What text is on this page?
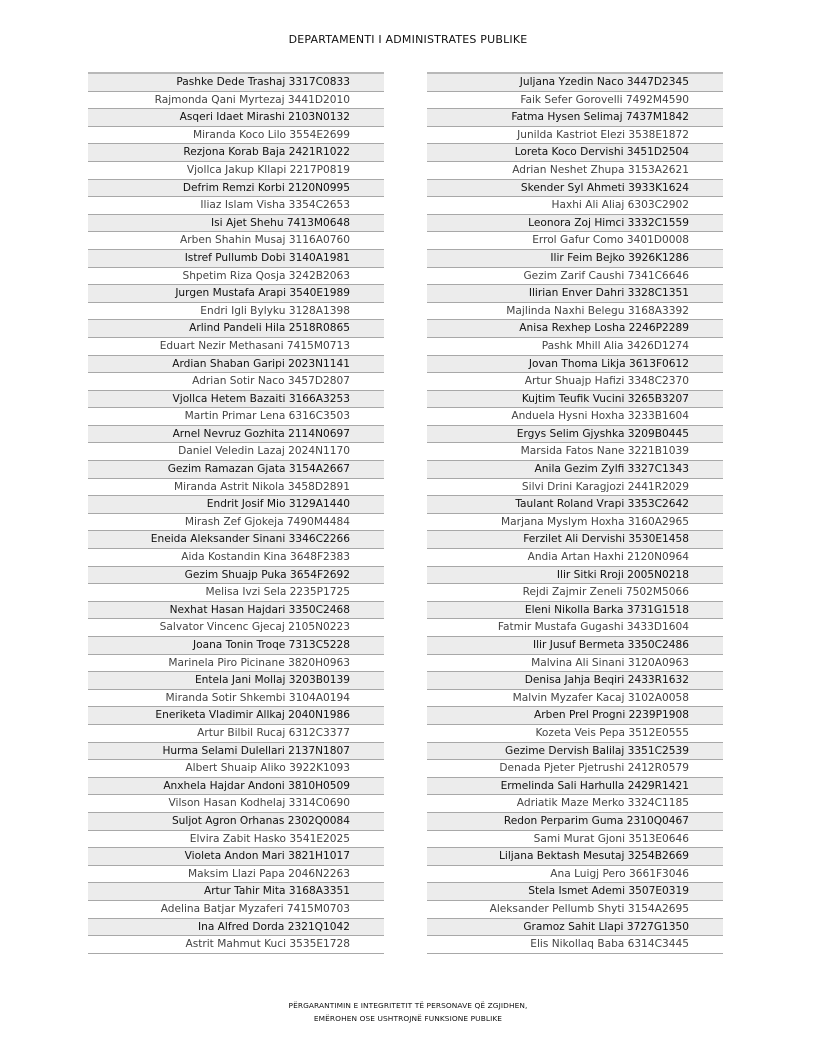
DEPARTAMENTI I ADMINISTRATES PUBLIKE
Pashke Dede Trashaj 3317C0833
Rajmonda Qani Myrtezaj 3441D2010
Asqeri Idaet Mirashi 2103N0132
Miranda Koco Lilo 3554E2699
Rezjona Korab Baja 2421R1022
Vjollca Jakup Kllapi 2217P0819
Defrim Remzi Korbi 2120N0995
Iliaz Islam Visha 3354C2653
Isi Ajet Shehu 7413M0648
Arben Shahin Musaj 3116A0760
Istref Pullumb Dobi 3140A1981
Shpetim Riza Qosja 3242B2063
Jurgen Mustafa Arapi 3540E1989
Endri Igli Bylyku 3128A1398
Arlind Pandeli Hila 2518R0865
Eduart Nezir Methasani 7415M0713
Ardian Shaban Garipi 2023N1141
Adrian Sotir Naco 3457D2807
Vjollca Hetem Bazaiti 3166A3253
Martin Primar Lena 6316C3503
Arnel Nevruz Gozhita 2114N0697
Daniel Veledin Lazaj 2024N1170
Gezim Ramazan Gjata 3154A2667
Miranda Astrit Nikola 3458D2891
Endrit Josif Mio 3129A1440
Mirash Zef Gjokeja 7490M4484
Eneida Aleksander Sinani 3346C2266
Aida Kostandin Kina 3648F2383
Gezim Shuajp Puka 3654F2692
Melisa Ivzi Sela 2235P1725
Nexhat Hasan Hajdari 3350C2468
Salvator Vincenc Gjecaj 2105N0223
Joana Tonin Troqe 7313C5228
Marinela Piro Picinane 3820H0963
Entela Jani Mollaj 3203B0139
Miranda Sotir Shkembi 3104A0194
Eneriketa Vladimir Allkaj 2040N1986
Artur Bilbil Rucaj 6312C3377
Hurma Selami Dulellari 2137N1807
Albert Shuaip Aliko 3922K1093
Anxhela Hajdar Andoni 3810H0509
Vilson Hasan Kodhelaj 3314C0690
Suljot Agron Orhanas 2302Q0084
Elvira Zabit Hasko 3541E2025
Violeta Andon Mari 3821H1017
Maksim Llazi Papa 2046N2263
Artur Tahir Mita 3168A3351
Adelina Batjar Myzaferi 7415M0703
Ina Alfred Dorda 2321Q1042
Astrit Mahmut Kuci 3535E1728
Juljana Yzedin Naco 3447D2345
Faik Sefer Gorovelli 7492M4590
Fatma Hysen Selimaj 7437M1842
Junilda Kastriot Elezi 3538E1872
Loreta Koco Dervishi 3451D2504
Adrian Neshet Zhupa 3153A2621
Skender Syl Ahmeti 3933K1624
Haxhi Ali Aliaj 6303C2902
Leonora Zoj Himci 3332C1559
Errol Gafur Como 3401D0008
Ilir Feim Bejko 3926K1286
Gezim Zarif Caushi 7341C6646
Ilirian Enver Dahri 3328C1351
Majlinda Naxhi Belegu 3168A3392
Anisa Rexhep Losha 2246P2289
Pashk Mhill Alia 3426D1274
Jovan Thoma Likja 3613F0612
Artur Shuajp Hafizi 3348C2370
Kujtim Teufik Vucini 3265B3207
Anduela Hysni Hoxha 3233B1604
Ergys Selim Gjyshka 3209B0445
Marsida Fatos Nane 3221B1039
Anila Gezim Zylfi 3327C1343
Silvi Drini Karagjozi 2441R2029
Taulant Roland Vrapi 3353C2642
Marjana Myslym Hoxha 3160A2965
Ferzilet Ali Dervishi 3530E1458
Andia Artan Haxhi 2120N0964
Ilir Sitki Rroji 2005N0218
Rejdi Zajmir Zeneli 7502M5066
Eleni Nikolla Barka 3731G1518
Fatmir Mustafa Gugashi 3433D1604
Ilir Jusuf Bermeta 3350C2486
Malvina Ali Sinani 3120A0963
Denisa Jahja Beqiri 2433R1632
Malvin Myzafer Kacaj 3102A0058
Arben Prel Progni 2239P1908
Kozeta Veis Pepa 3512E0555
Gezime Dervish Balilaj 3351C2539
Denada Pjeter Pjetrushi 2412R0579
Ermelinda Sali Harhulla 2429R1421
Adriatik Maze Merko 3324C1185
Redon Perparim Guma 2310Q0467
Sami Murat Gjoni 3513E0646
Liljana Bektash Mesutaj 3254B2669
Ana Luigj Pero 3661F3046
Stela Ismet Ademi 3507E0319
Aleksander Pellumb Shyti 3154A2695
Gramoz Sahit Llapi 3727G1350
Elis Nikollaq Baba 6314C3445
PËRGARANTIMIN E INTEGRITETIT TË PERSONAVE QË ZGJIDHEN,
EMËROHEN OSE USHTROJNË FUNKSIONE PUBLIKE
